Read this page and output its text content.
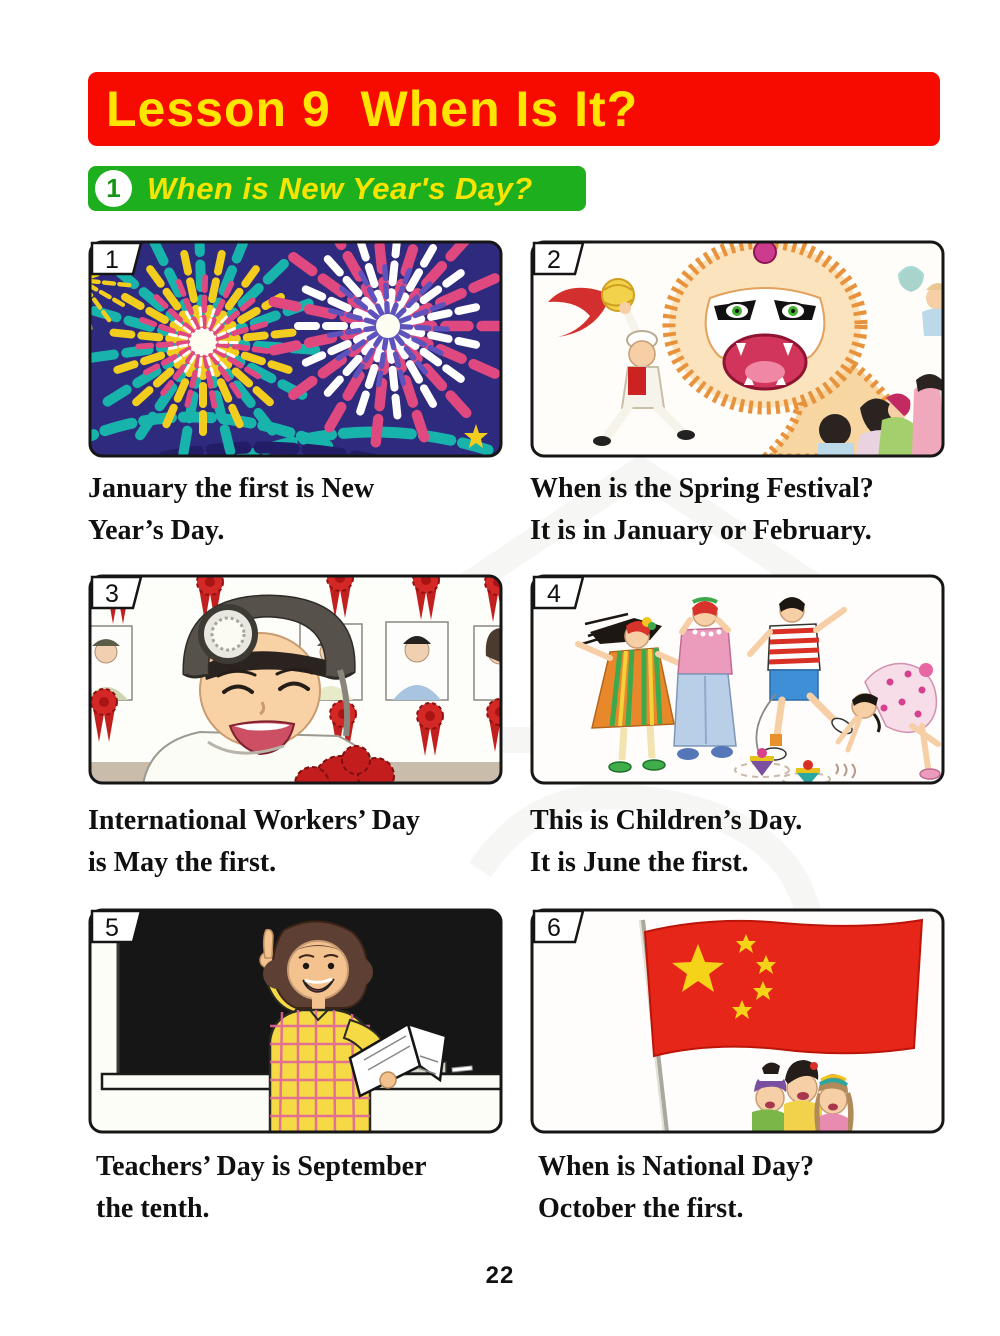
Lesson 9  When Is It?
1 When is New Year's Day?
1
January the first is New
Year’s Day.
2
When is the Spring Festival?
It is in January or February.
3
International Workers’ Day
is May the first.
4
This is Children’s Day.
It is June the first.
5
Teachers’ Day is September
the tenth.
6
When is National Day?
October the first.
22
